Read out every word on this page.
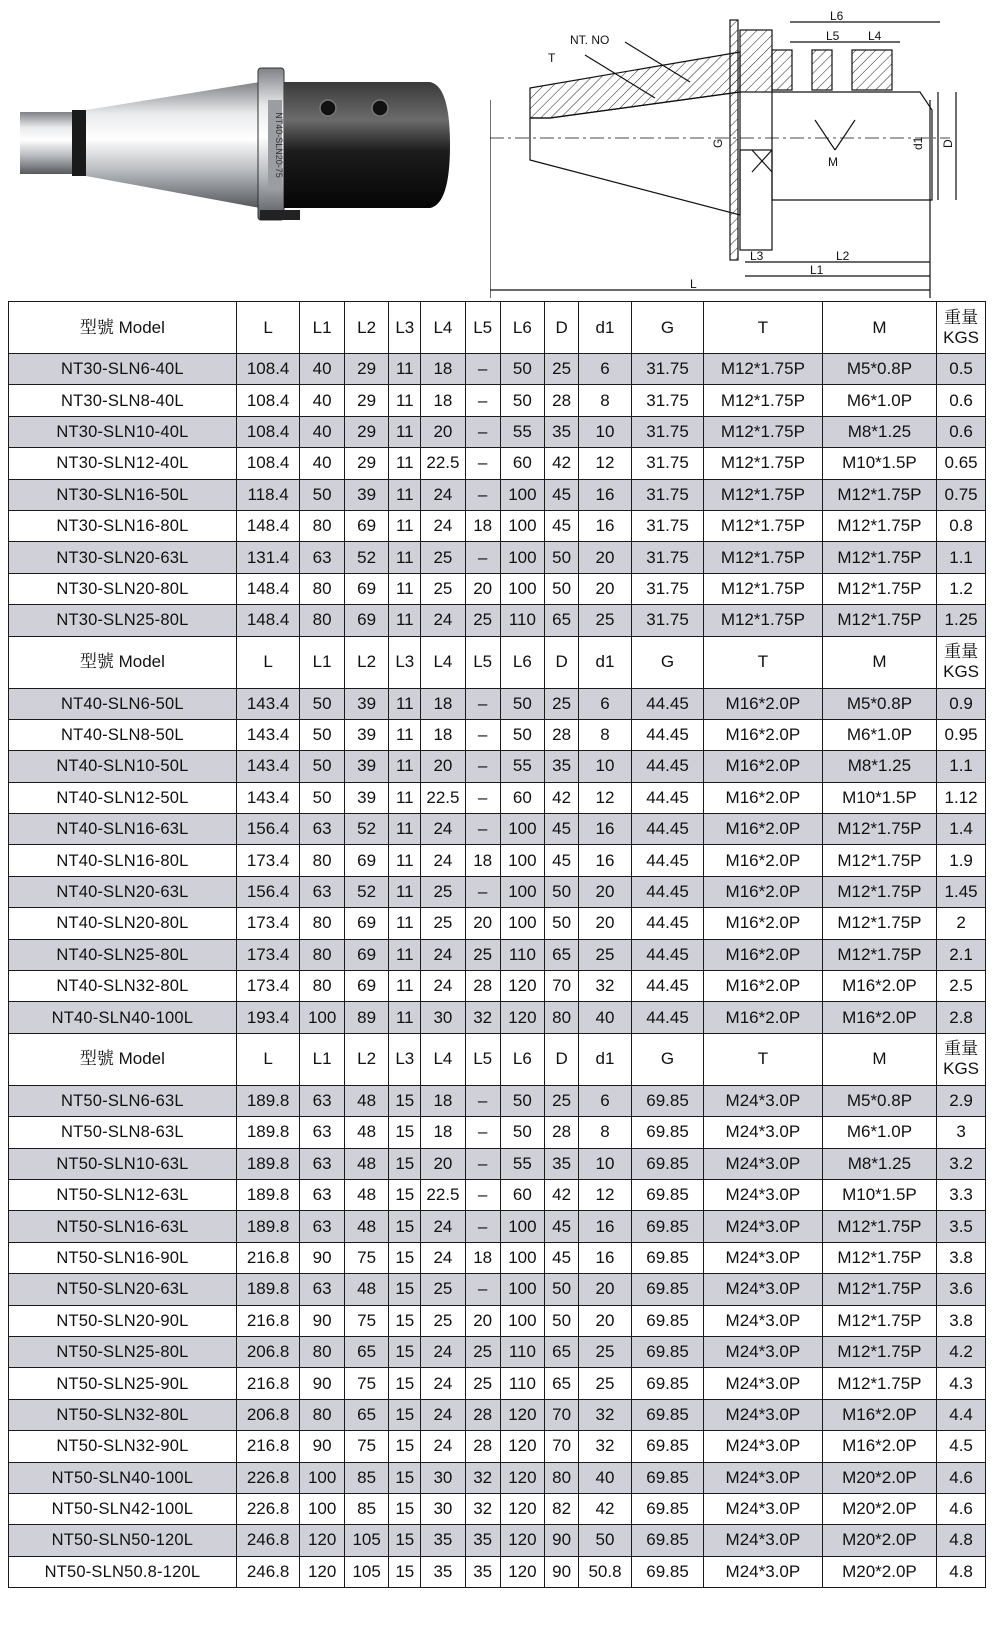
NT40-SLN20-75
NT. NO
T
G
M
d1 D
L
L1
L2
L3
L4
L5
L6
型號 Model	L	L1	L2	L3	L4	L5	L6	D	d1	G	T	M	重量
KGS

NT30-SLN6-40L	108.4	40	29	11	18	–	50	25	6	31.75	M12*1.75P	M5*0.8P	0.5
NT30-SLN8-40L	108.4	40	29	11	18	–	50	28	8	31.75	M12*1.75P	M6*1.0P	0.6
NT30-SLN10-40L	108.4	40	29	11	20	–	55	35	10	31.75	M12*1.75P	M8*1.25	0.6
NT30-SLN12-40L	108.4	40	29	11	22.5	–	60	42	12	31.75	M12*1.75P	M10*1.5P	0.65
NT30-SLN16-50L	118.4	50	39	11	24	–	100	45	16	31.75	M12*1.75P	M12*1.75P	0.75
NT30-SLN16-80L	148.4	80	69	11	24	18	100	45	16	31.75	M12*1.75P	M12*1.75P	0.8
NT30-SLN20-63L	131.4	63	52	11	25	–	100	50	20	31.75	M12*1.75P	M12*1.75P	1.1
NT30-SLN20-80L	148.4	80	69	11	25	20	100	50	20	31.75	M12*1.75P	M12*1.75P	1.2
NT30-SLN25-80L	148.4	80	69	11	24	25	110	65	25	31.75	M12*1.75P	M12*1.75P	1.25
型號 Model	L	L1	L2	L3	L4	L5	L6	D	d1	G	T	M	重量
KGS

NT40-SLN6-50L	143.4	50	39	11	18	–	50	25	6	44.45	M16*2.0P	M5*0.8P	0.9
NT40-SLN8-50L	143.4	50	39	11	18	–	50	28	8	44.45	M16*2.0P	M6*1.0P	0.95
NT40-SLN10-50L	143.4	50	39	11	20	–	55	35	10	44.45	M16*2.0P	M8*1.25	1.1
NT40-SLN12-50L	143.4	50	39	11	22.5	–	60	42	12	44.45	M16*2.0P	M10*1.5P	1.12
NT40-SLN16-63L	156.4	63	52	11	24	–	100	45	16	44.45	M16*2.0P	M12*1.75P	1.4
NT40-SLN16-80L	173.4	80	69	11	24	18	100	45	16	44.45	M16*2.0P	M12*1.75P	1.9
NT40-SLN20-63L	156.4	63	52	11	25	–	100	50	20	44.45	M16*2.0P	M12*1.75P	1.45
NT40-SLN20-80L	173.4	80	69	11	25	20	100	50	20	44.45	M16*2.0P	M12*1.75P	2
NT40-SLN25-80L	173.4	80	69	11	24	25	110	65	25	44.45	M16*2.0P	M12*1.75P	2.1
NT40-SLN32-80L	173.4	80	69	11	24	28	120	70	32	44.45	M16*2.0P	M16*2.0P	2.5
NT40-SLN40-100L	193.4	100	89	11	30	32	120	80	40	44.45	M16*2.0P	M16*2.0P	2.8
型號 Model	L	L1	L2	L3	L4	L5	L6	D	d1	G	T	M	重量
KGS

NT50-SLN6-63L	189.8	63	48	15	18	–	50	25	6	69.85	M24*3.0P	M5*0.8P	2.9
NT50-SLN8-63L	189.8	63	48	15	18	–	50	28	8	69.85	M24*3.0P	M6*1.0P	3
NT50-SLN10-63L	189.8	63	48	15	20	–	55	35	10	69.85	M24*3.0P	M8*1.25	3.2
NT50-SLN12-63L	189.8	63	48	15	22.5	–	60	42	12	69.85	M24*3.0P	M10*1.5P	3.3
NT50-SLN16-63L	189.8	63	48	15	24	–	100	45	16	69.85	M24*3.0P	M12*1.75P	3.5
NT50-SLN16-90L	216.8	90	75	15	24	18	100	45	16	69.85	M24*3.0P	M12*1.75P	3.8
NT50-SLN20-63L	189.8	63	48	15	25	–	100	50	20	69.85	M24*3.0P	M12*1.75P	3.6
NT50-SLN20-90L	216.8	90	75	15	25	20	100	50	20	69.85	M24*3.0P	M12*1.75P	3.8
NT50-SLN25-80L	206.8	80	65	15	24	25	110	65	25	69.85	M24*3.0P	M12*1.75P	4.2
NT50-SLN25-90L	216.8	90	75	15	24	25	110	65	25	69.85	M24*3.0P	M12*1.75P	4.3
NT50-SLN32-80L	206.8	80	65	15	24	28	120	70	32	69.85	M24*3.0P	M16*2.0P	4.4
NT50-SLN32-90L	216.8	90	75	15	24	28	120	70	32	69.85	M24*3.0P	M16*2.0P	4.5
NT50-SLN40-100L	226.8	100	85	15	30	32	120	80	40	69.85	M24*3.0P	M20*2.0P	4.6
NT50-SLN42-100L	226.8	100	85	15	30	32	120	82	42	69.85	M24*3.0P	M20*2.0P	4.6
NT50-SLN50-120L	246.8	120	105	15	35	35	120	90	50	69.85	M24*3.0P	M20*2.0P	4.8
NT50-SLN50.8-120L	246.8	120	105	15	35	35	120	90	50.8	69.85	M24*3.0P	M20*2.0P	4.8
